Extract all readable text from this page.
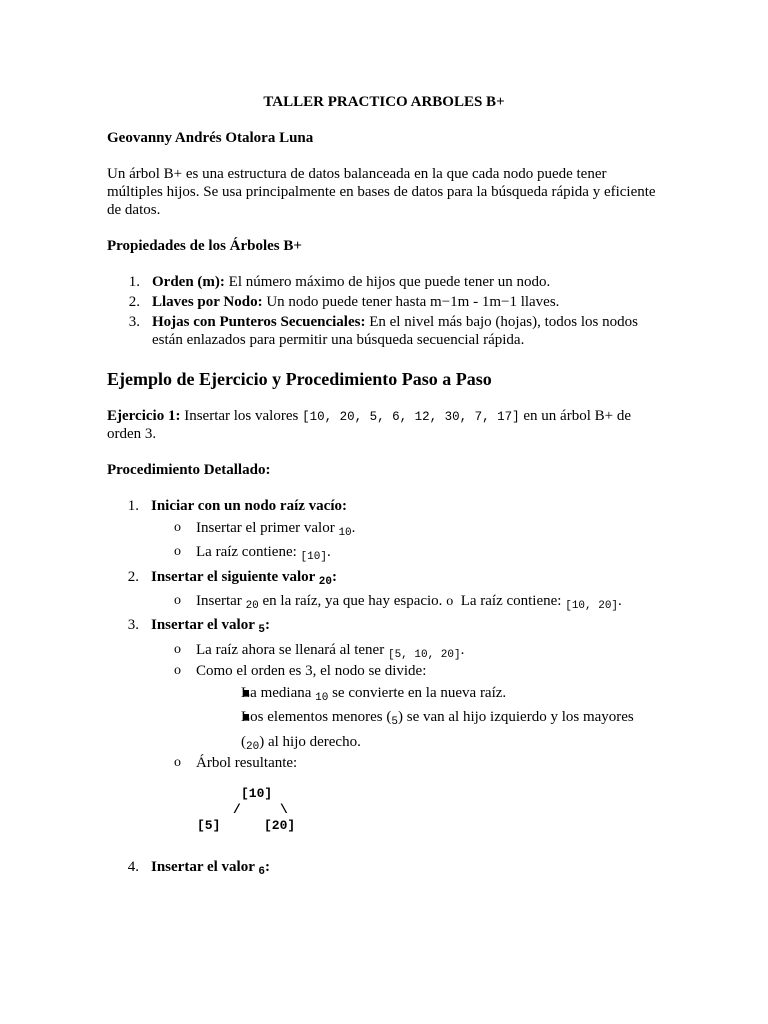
TALLER PRACTICO ARBOLES B+
Geovanny Andrés Otalora Luna
Un árbol B+ es una estructura de datos balanceada en la que cada nodo puede tener
múltiples hijos. Se usa principalmente en bases de datos para la búsqueda rápida y eficiente
de datos.
Propiedades de los Árboles B+
1. Orden (m): El número máximo de hijos que puede tener un nodo.
2. Llaves por Nodo: Un nodo puede tener hasta m−1m - 1m−1 llaves.
3. Hojas con Punteros Secuenciales: En el nivel más bajo (hojas), todos los nodos
están enlazados para permitir una búsqueda secuencial rápida.
Ejemplo de Ejercicio y Procedimiento Paso a Paso
Ejercicio 1: Insertar los valores [10, 20, 5, 6, 12, 30, 7, 17] en un árbol B+ de
orden 3.
Procedimiento Detallado:
1. Iniciar con un nodo raíz vacío:
o Insertar el primer valor $_{10}$.
o La raíz contiene: $_{[10]}$.
2. Insertar el siguiente valor $_{20}$:
o Insertar $_{20}$ en la raíz, ya que hay espacio. o  La raíz contiene: $_{[10, 20]}$.
3. Insertar el valor $_5$:
o La raíz ahora se llenará al tener $_{[5, 10, 20]}$.
o Como el orden es 3, el nodo se divide:
La mediana $_{10}$ se convierte en la nueva raíz.
Los elementos menores $(_5)$ se van al hijo izquierdo y los mayores
$(_{20})$ al hijo derecho.
o Árbol resultante:
[10]
/	\
[5]	[20]
4. Insertar el valor $_6$:
